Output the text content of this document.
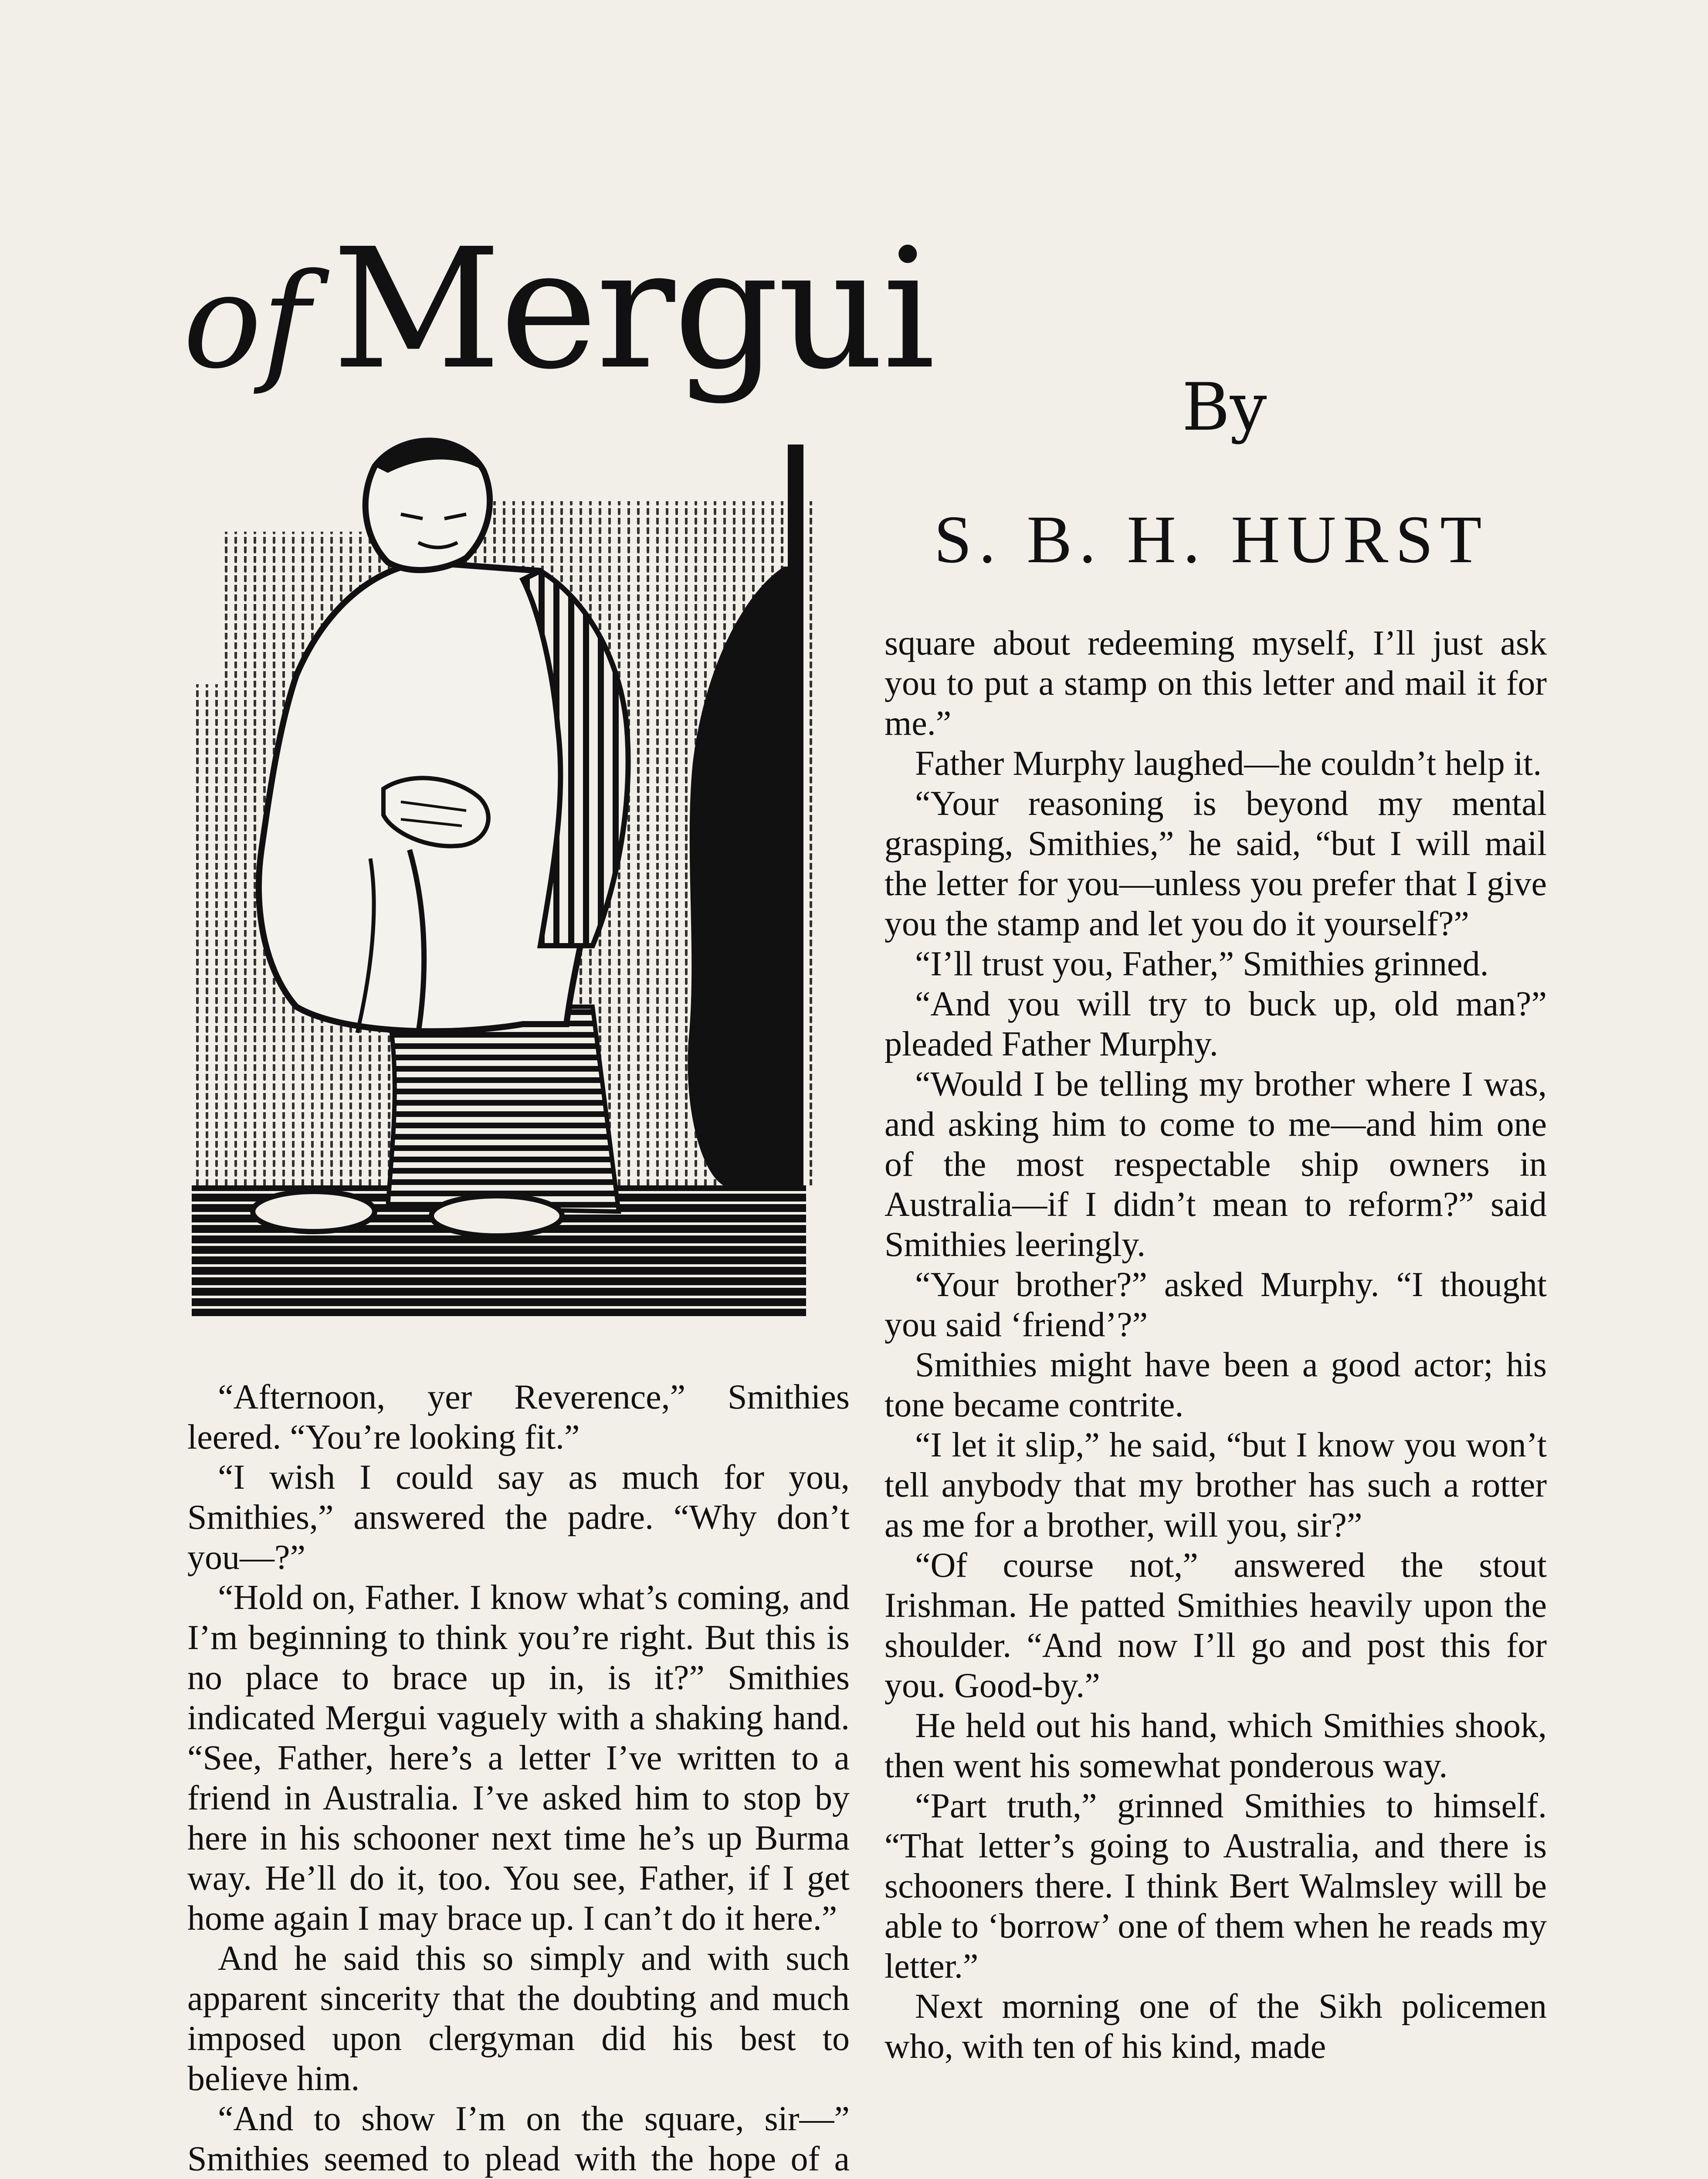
of Mergui
By
S. B. H. HURST

“Afternoon, yer Reverence,” Smithies leered. “You’re looking fit.”

“I wish I could say as much for you, Smithies,” answered the padre. “Why don’t you—?”

“Hold on, Father. I know what’s coming, and I’m beginning to think you’re right. But this is no place to brace up in, is it?” Smithies indicated Mergui vaguely with a shaking hand. “See, Father, here’s a letter I’ve written to a friend in Australia. I’ve asked him to stop by here in his schooner next time he’s up Burma way. He’ll do it, too. You see, Father, if I get home again I may brace up. I can’t do it here.”

And he said this so simply and with such apparent sincerity that the doubting and much imposed upon clergyman did his best to believe him.

“And to show I’m on the square, sir—” Smithies seemed to plead with the hope of a

square about redeeming myself, I’ll just ask you to put a stamp on this letter and mail it for me.”

Father Murphy laughed—he couldn’t help it.

“Your reasoning is beyond my mental grasping, Smithies,” he said, “but I will mail the letter for you—unless you prefer that I give you the stamp and let you do it yourself?”

“I’ll trust you, Father,” Smithies grinned.

“And you will try to buck up, old man?” pleaded Father Murphy.

“Would I be telling my brother where I was, and asking him to come to me—and him one of the most respectable ship owners in Australia—if I didn’t mean to reform?” said Smithies leeringly.

“Your brother?” asked Murphy. “I thought you said ‘friend’?”

Smithies might have been a good actor; his tone became contrite.

“I let it slip,” he said, “but I know you won’t tell anybody that my brother has such a rotter as me for a brother, will you, sir?”

“Of course not,” answered the stout Irishman. He patted Smithies heavily upon the shoulder. “And now I’ll go and post this for you. Good-by.”

He held out his hand, which Smithies shook, then went his somewhat ponderous way.

“Part truth,” grinned Smithies to himself. “That letter’s going to Australia, and there is schooners there. I think Bert Walmsley will be able to ‘borrow’ one of them when he reads my letter.”

Next morning one of the Sikh policemen who, with ten of his kind, made
